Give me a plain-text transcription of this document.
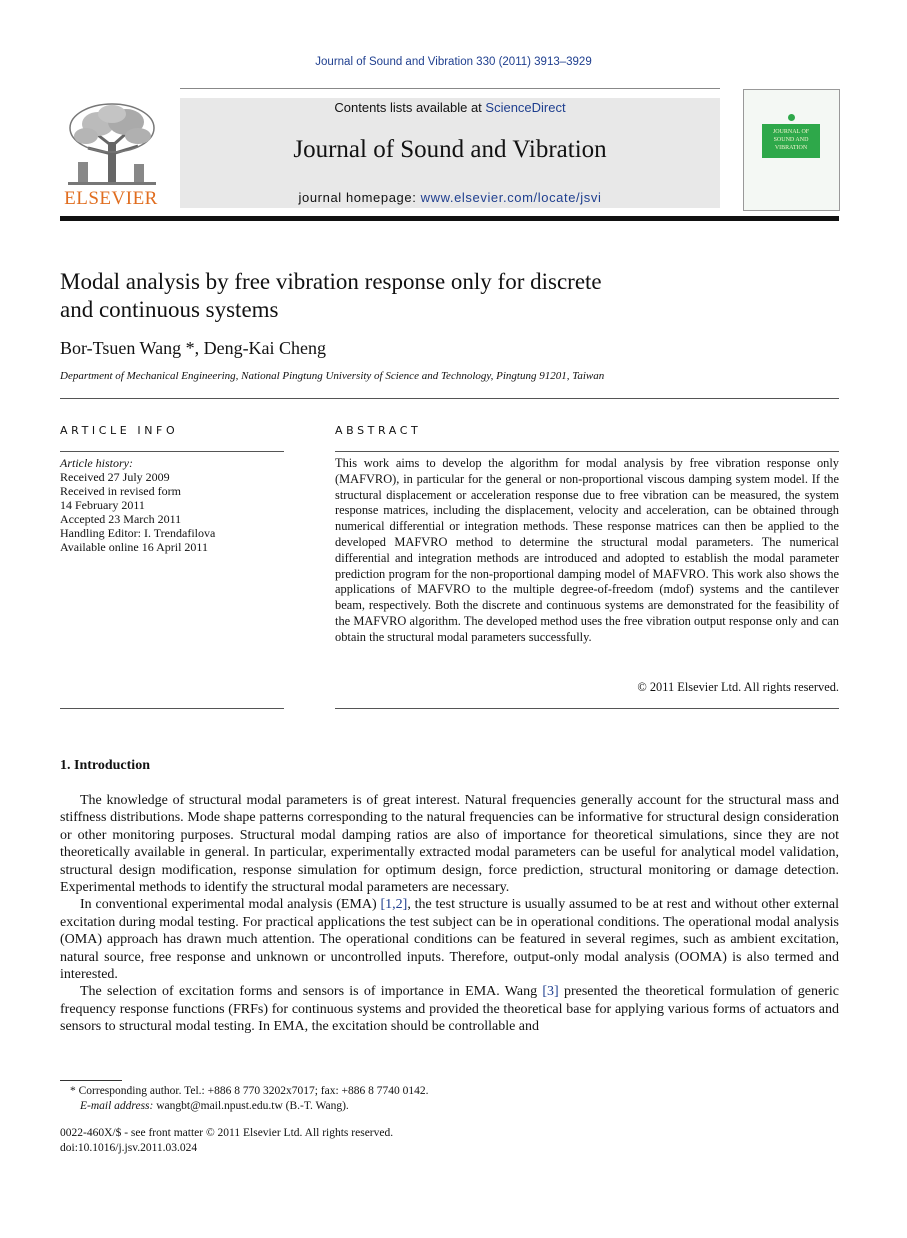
Journal of Sound and Vibration 330 (2011) 3913–3929
ELSEVIER
Contents lists available at ScienceDirect
Journal of Sound and Vibration
journal homepage: www.elsevier.com/locate/jsvi
JOURNAL OF SOUND AND VIBRATION
Modal analysis by free vibration response only for discrete
and continuous systems
Bor-Tsuen Wang *, Deng-Kai Cheng
Department of Mechanical Engineering, National Pingtung University of Science and Technology, Pingtung 91201, Taiwan
ARTICLE INFO
Article history:
Received 27 July 2009
Received in revised form
14 February 2011
Accepted 23 March 2011
Handling Editor: I. Trendafilova
Available online 16 April 2011
ABSTRACT
This work aims to develop the algorithm for modal analysis by free vibration response only (MAFVRO), in particular for the general or non-proportional viscous damping system model. If the structural displacement or acceleration response due to free vibration can be measured, the system response matrices, including the displacement, velocity and acceleration, can be obtained through numerical differential or integration methods. These response matrices can then be applied to the developed MAFVRO method to determine the structural modal parameters. The numerical differential and integration methods are introduced and adopted to establish the modal parameter prediction program for the non-proportional damping model of MAFVRO. This work also shows the applications of MAFVRO to the multiple degree-of-freedom (mdof) systems and the cantilever beam, respectively. Both the discrete and continuous systems are demonstrated for the feasibility of the MAFVRO algorithm. The developed method uses the free vibration output response only and can obtain the structural modal parameters successfully.
© 2011 Elsevier Ltd. All rights reserved.
1. Introduction

The knowledge of structural modal parameters is of great interest. Natural frequencies generally account for the structural mass and stiffness distributions. Mode shape patterns corresponding to the natural frequencies can be informative for structural design consideration or other monitoring purposes. Structural modal damping ratios are also of importance for theoretical simulations, since they are not theoretically available in general. In particular, experimentally extracted modal parameters can be useful for analytical model validation, structural design modification, response simulation for optimum design, force prediction, structural monitoring or damage detection. Experimental methods to identify the structural modal parameters are necessary.

In conventional experimental modal analysis (EMA) [1,2], the test structure is usually assumed to be at rest and without other external excitation during modal testing. For practical applications the test subject can be in operational conditions. The operational modal analysis (OMA) approach has drawn much attention. The operational conditions can be featured in several regimes, such as ambient excitation, natural source, free response and unknown or uncontrolled inputs. Therefore, output-only modal analysis (OOMA) is also termed and interested.

The selection of excitation forms and sensors is of importance in EMA. Wang [3] presented the theoretical formulation of generic frequency response functions (FRFs) for continuous systems and provided the theoretical base for applying various forms of actuators and sensors to structural modal testing. In EMA, the excitation should be controllable and

* Corresponding author. Tel.: +886 8 770 3202x7017; fax: +886 8 7740 0142.
E-mail address: wangbt@mail.npust.edu.tw (B.-T. Wang).
0022-460X/$ - see front matter © 2011 Elsevier Ltd. All rights reserved.
doi:10.1016/j.jsv.2011.03.024
